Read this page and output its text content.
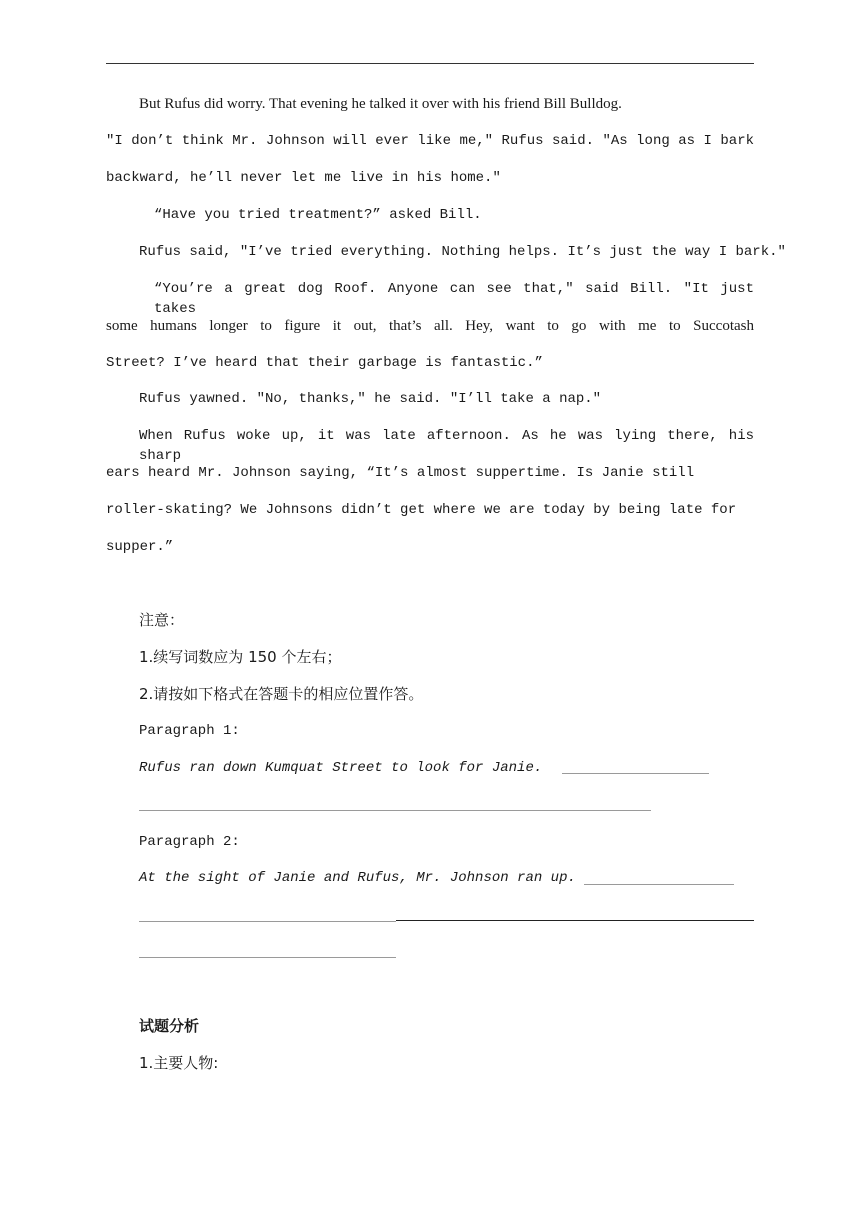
But Rufus did worry. That evening he talked it over with his friend Bill Bulldog.
"I don’t think Mr. Johnson will ever like me," Rufus said. "As long as I bark
backward, he’ll never let me live in his home."
“Have you tried treatment?” asked Bill.
Rufus said, "I’ve tried everything. Nothing helps. It’s just the way I bark."
“You’re a great dog Roof. Anyone can see that," said Bill. "It just takes
some humans longer to figure it out, that’s all. Hey, want to go with me to Succotash
Street? I’ve heard that their garbage is fantastic.”
Rufus yawned. "No, thanks," he said. "I’ll take a nap."
When Rufus woke up, it was late afternoon. As he was lying there, his sharp
ears heard Mr. Johnson saying, “It’s almost suppertime. Is Janie still
roller-skating? We Johnsons didn’t get where we are today by being late for
supper.”
注意：
1.续写词数应为 150 个左右；
2.请按如下格式在答题卡的相应位置作答。
Paragraph 1:
Rufus ran down Kumquat Street to look for Janie.
Paragraph 2:
At the sight of Janie and Rufus, Mr. Johnson ran up.
试题分析
1.主要人物:
